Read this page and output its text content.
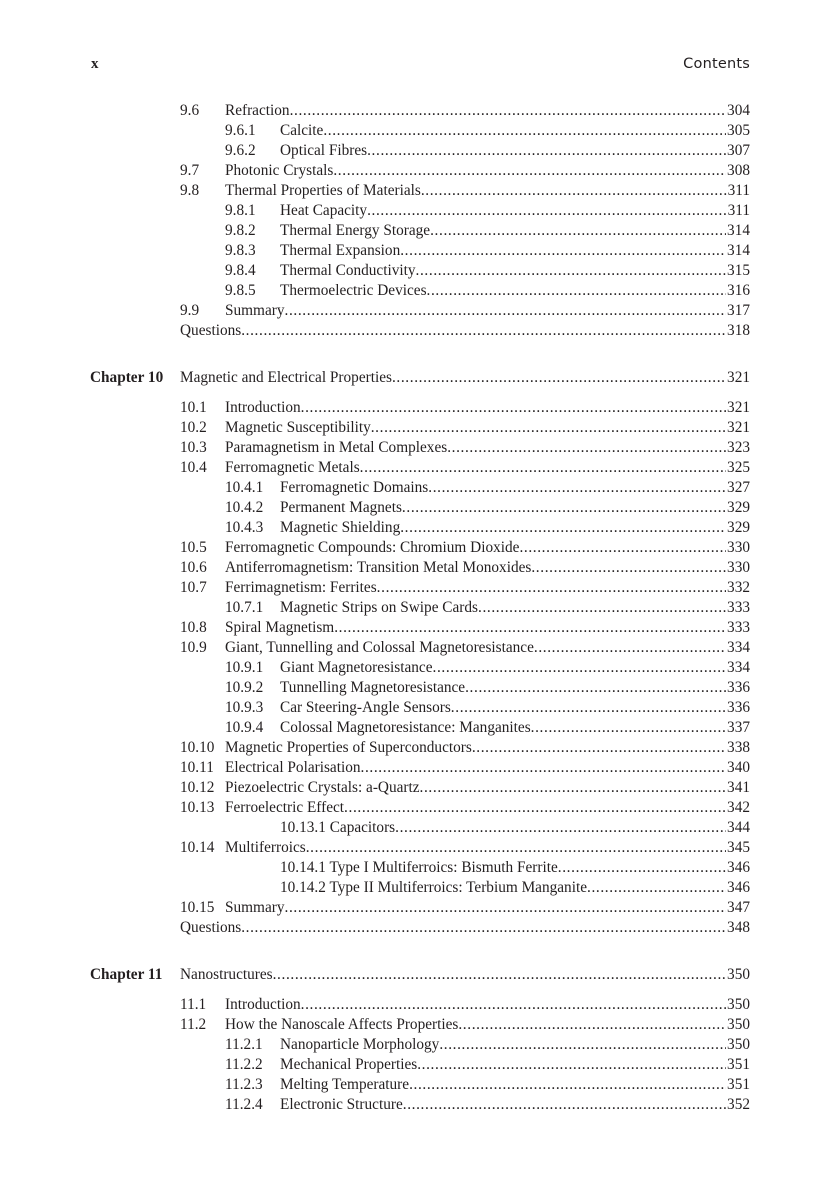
x	Contents
9.6 Refraction . . .	304
9.6.1 Calcite . . .	305
9.6.2 Optical Fibres . . .	307
9.7 Photonic Crystals . . .	308
9.8 Thermal Properties of Materials . . .	311
9.8.1 Heat Capacity . . .	311
9.8.2 Thermal Energy Storage . . .	314
9.8.3 Thermal Expansion . . .	314
9.8.4 Thermal Conductivity . . .	315
9.8.5 Thermoelectric Devices . . .	316
9.9 Summary . . .	317
Questions . . .	318
Chapter 10 Magnetic and Electrical Properties . . .	321
10.1 Introduction . . .	321
10.2 Magnetic Susceptibility . . .	321
10.3 Paramagnetism in Metal Complexes . . .	323
10.4 Ferromagnetic Metals . . .	325
10.4.1 Ferromagnetic Domains . . .	327
10.4.2 Permanent Magnets . . .	329
10.4.3 Magnetic Shielding . . .	329
10.5 Ferromagnetic Compounds: Chromium Dioxide . . .	330
10.6 Antiferromagnetism: Transition Metal Monoxides . . .	330
10.7 Ferrimagnetism: Ferrites . . .	332
10.7.1 Magnetic Strips on Swipe Cards . . .	333
10.8 Spiral Magnetism . . .	333
10.9 Giant, Tunnelling and Colossal Magnetoresistance . . .	334
10.9.1 Giant Magnetoresistance . . .	334
10.9.2 Tunnelling Magnetoresistance . . .	336
10.9.3 Car Steering-Angle Sensors . . .	336
10.9.4 Colossal Magnetoresistance: Manganites . . .	337
10.10 Magnetic Properties of Superconductors . . .	338
10.11 Electrical Polarisation . . .	340
10.12 Piezoelectric Crystals: a-Quartz . . .	341
10.13 Ferroelectric Effect . . .	342
10.13.1 Capacitors . . .	344
10.14 Multiferroics . . .	345
10.14.1 Type I Multiferroics: Bismuth Ferrite . . .	346
10.14.2 Type II Multiferroics: Terbium Manganite . . .	346
10.15 Summary . . .	347
Questions . . .	348
Chapter 11 Nanostructures . . .	350
11.1 Introduction . . .	350
11.2 How the Nanoscale Affects Properties . . .	350
11.2.1 Nanoparticle Morphology . . .	350
11.2.2 Mechanical Properties . . .	351
11.2.3 Melting Temperature . . .	351
11.2.4 Electronic Structure . . .	352
